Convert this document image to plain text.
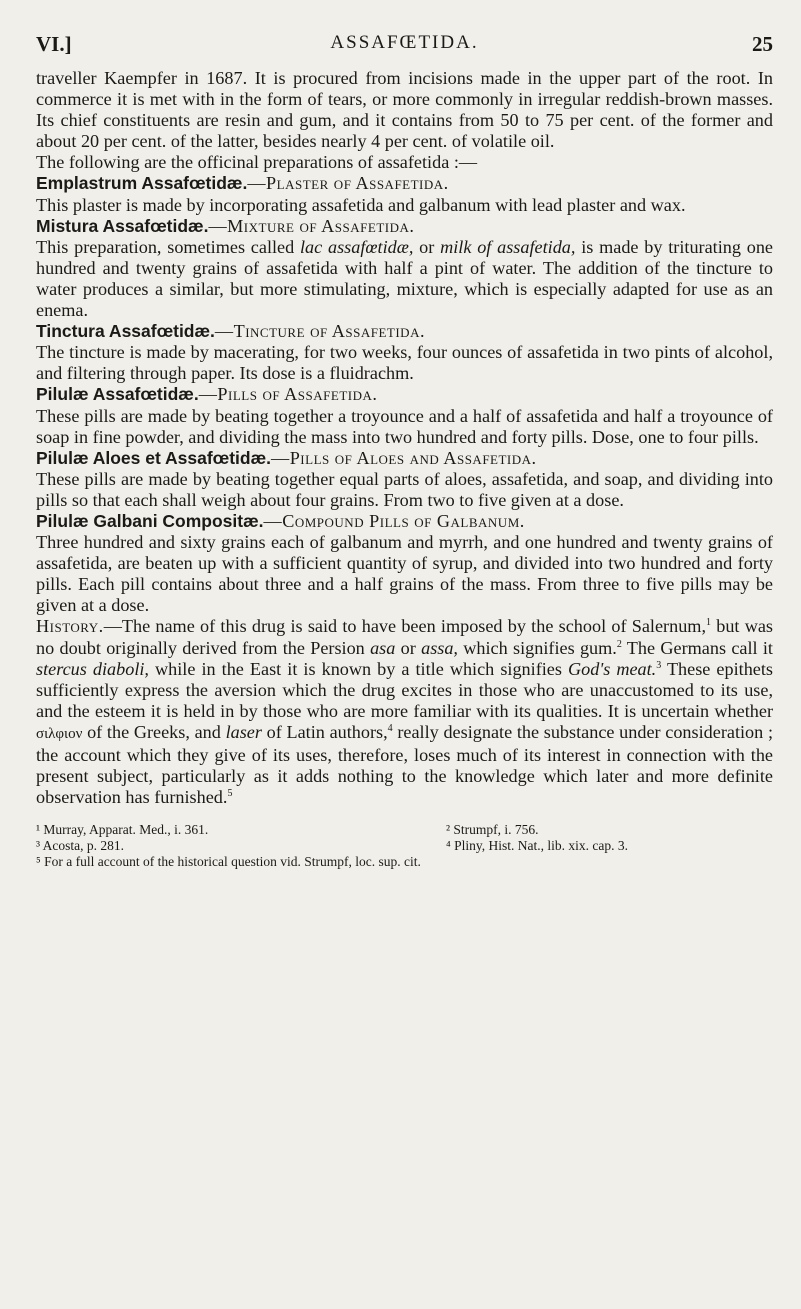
VI.]	ASSAFŒTIDA.	25

traveller Kaempfer in 1687. It is procured from incisions made in the upper part of the root. In commerce it is met with in the form of tears, or more commonly in irregular reddish-brown masses. Its chief constituents are resin and gum, and it contains from 50 to 75 per cent. of the former and about 20 per cent. of the latter, besides nearly 4 per cent. of volatile oil.

The following are the officinal preparations of assafetida :—

Emplastrum Assafœtidæ.—Plaster of Assafetida.

This plaster is made by incorporating assafetida and galbanum with lead plaster and wax.

Mistura Assafœtidæ.—Mixture of Assafetida.

This preparation, sometimes called lac assafœtidæ, or milk of assafetida, is made by triturating one hundred and twenty grains of assafetida with half a pint of water. The addition of the tincture to water produces a similar, but more stimulating, mixture, which is especially adapted for use as an enema.

Tinctura Assafœtidæ.—Tincture of Assafetida.

The tincture is made by macerating, for two weeks, four ounces of assafetida in two pints of alcohol, and filtering through paper. Its dose is a fluidrachm.

Pilulæ Assafœtidæ.—Pills of Assafetida.

These pills are made by beating together a troyounce and a half of assafetida and half a troyounce of soap in fine powder, and dividing the mass into two hundred and forty pills. Dose, one to four pills.

Pilulæ Aloes et Assafœtidæ.—Pills of Aloes and Assafetida.

These pills are made by beating together equal parts of aloes, assafetida, and soap, and dividing into pills so that each shall weigh about four grains. From two to five given at a dose.

Pilulæ Galbani Compositæ.—Compound Pills of Galbanum.

Three hundred and sixty grains each of galbanum and myrrh, and one hundred and twenty grains of assafetida, are beaten up with a sufficient quantity of syrup, and divided into two hundred and forty pills. Each pill contains about three and a half grains of the mass. From three to five pills may be given at a dose.

History.—The name of this drug is said to have been imposed by the school of Salernum,$^1$ but was no doubt originally derived from the Persion asa or assa, which signifies gum.$^2$ The Germans call it stercus diaboli, while in the East it is known by a title which signifies God's meat.$^3$ These epithets sufficiently express the aversion which the drug excites in those who are unaccustomed to its use, and the esteem it is held in by those who are more familiar with its qualities. It is uncertain whether σιλφιον of the Greeks, and laser of Latin authors,$^4$ really designate the substance under consideration ; the account which they give of its uses, therefore, loses much of its interest in connection with the present subject, particularly as it adds nothing to the knowledge which later and more definite observation has furnished.$^5$

¹ Murray, Apparat. Med., i. 361.	² Strumpf, i. 756.
³ Acosta, p. 281.	⁴ Pliny, Hist. Nat., lib. xix. cap. 3.
⁵ For a full account of the historical question vid. Strumpf, loc. sup. cit.
